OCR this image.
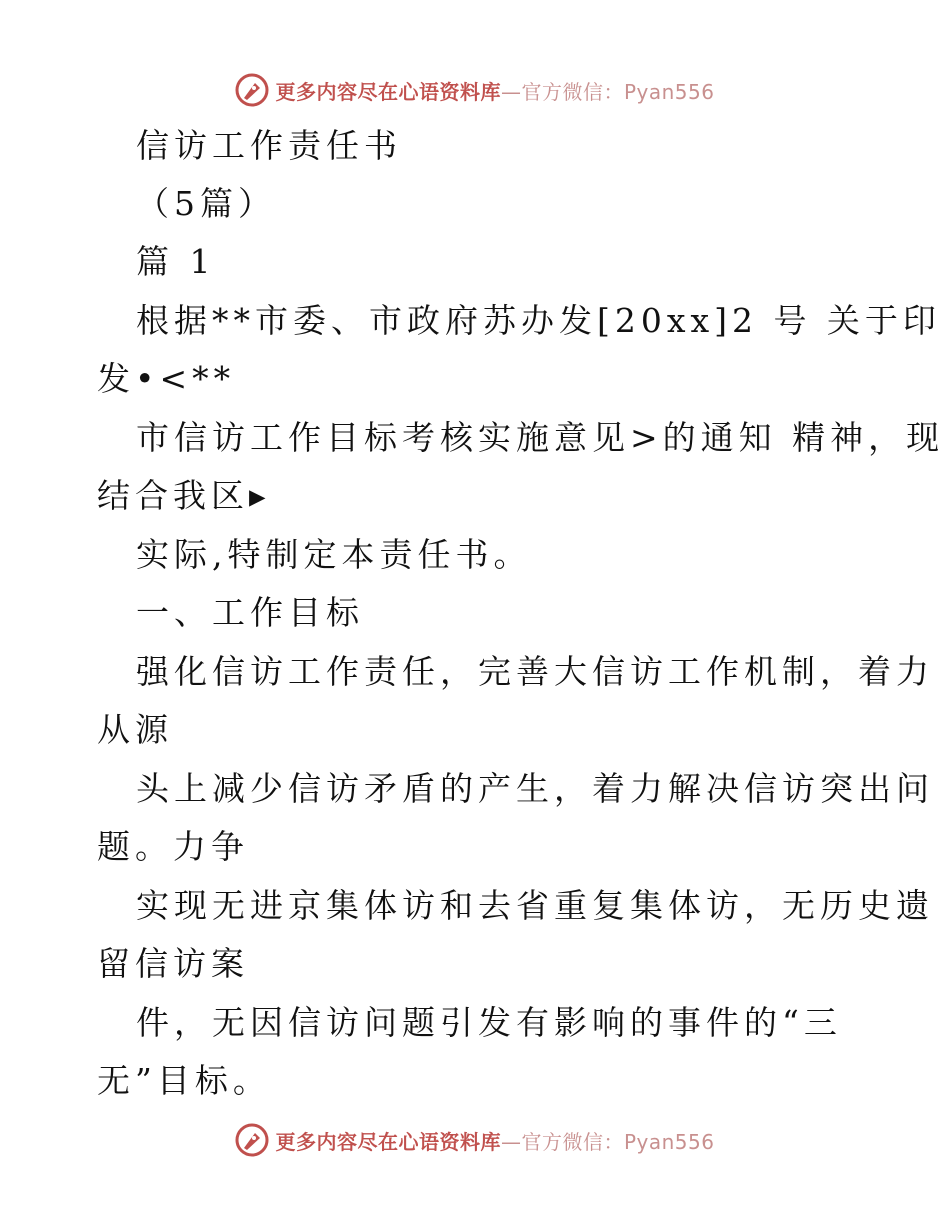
更多内容尽在心语资料库—官方微信：Pyan556
信访工作责任书
（5篇）
篇 1
根据**市委、市政府苏办发[20xx]2 号 关于印
发•<**
市信访工作目标考核实施意见>的通知 精神，现
结合我区▸
实际,特制定本责任书。
一、工作目标
强化信访工作责任，完善大信访工作机制，着力
从源
头上减少信访矛盾的产生，着力解决信访突出问
题。力争
实现无进京集体访和去省重复集体访，无历史遗
留信访案
件，无因信访问题引发有影响的事件的“三
无”目标。
更多内容尽在心语资料库—官方微信：Pyan556
